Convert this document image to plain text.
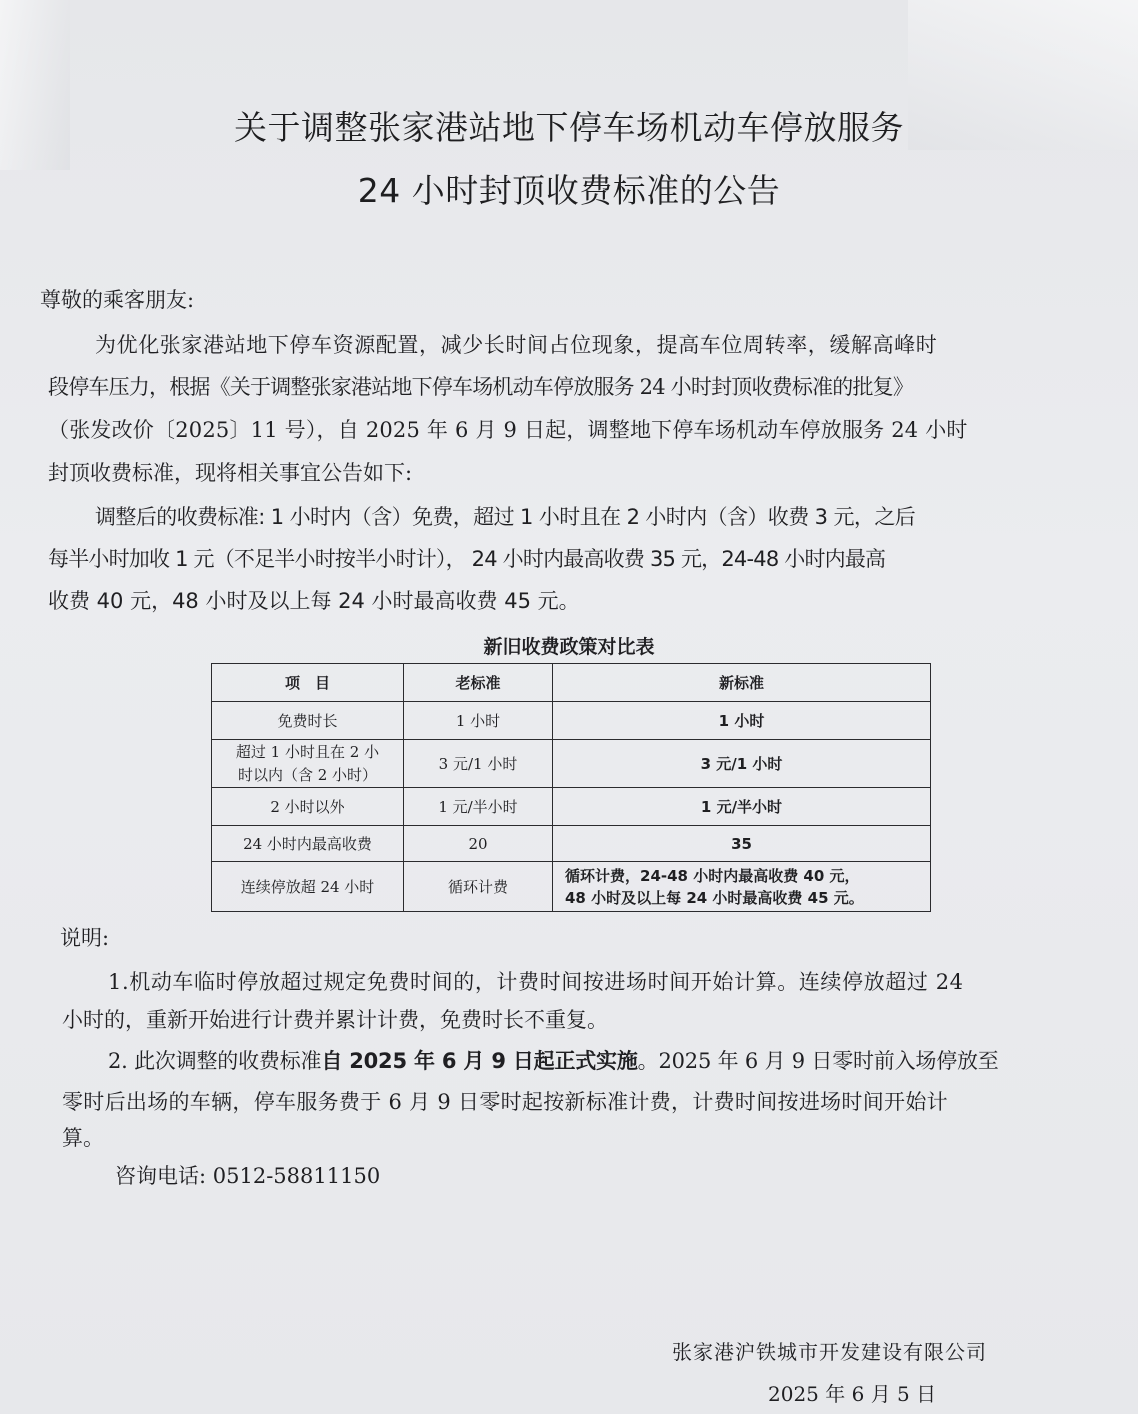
关于调整张家港站地下停车场机动车停放服务
24 小时封顶收费标准的公告
尊敬的乘客朋友:
为优化张家港站地下停车资源配置，减少长时间占位现象，提高车位周转率，缓解高峰时
段停车压力，根据《关于调整张家港站地下停车场机动车停放服务 24 小时封顶收费标准的批复》
（张发改价〔2025〕11 号），自 2025 年 6 月 9 日起，调整地下停车场机动车停放服务 24 小时
封顶收费标准，现将相关事宜公告如下:
调整后的收费标准: 1 小时内（含）免费，超过 1 小时且在 2 小时内（含）收费 3 元，之后
每半小时加收 1 元（不足半小时按半小时计）， 24 小时内最高收费 35 元，24-48 小时内最高
收费 40 元，48 小时及以上每 24 小时最高收费 45 元。
新旧收费政策对比表
项　目	老标准	新标准
免费时长	1 小时	1 小时

超过 1 小时且在 2 小
时以内（含 2 小时）	3 元/1 小时	3 元/1 小时
2 小时以外	1 元/半小时	1 元/半小时
24 小时内最高收费	20	35
连续停放超 24 小时	循环计费	循环计费，24-48 小时内最高收费 40 元，
48 小时及以上每 24 小时最高收费 45 元。
说明:
1.机动车临时停放超过规定免费时间的，计费时间按进场时间开始计算。连续停放超过 24
小时的，重新开始进行计费并累计计费，免费时长不重复。
2. 此次调整的收费标准自 2025 年 6 月 9 日起正式实施。2025 年 6 月 9 日零时前入场停放至
零时后出场的车辆，停车服务费于 6 月 9 日零时起按新标准计费，计费时间按进场时间开始计
算。
咨询电话: 0512-58811150
张家港沪铁城市开发建设有限公司
2025 年 6 月 5 日
